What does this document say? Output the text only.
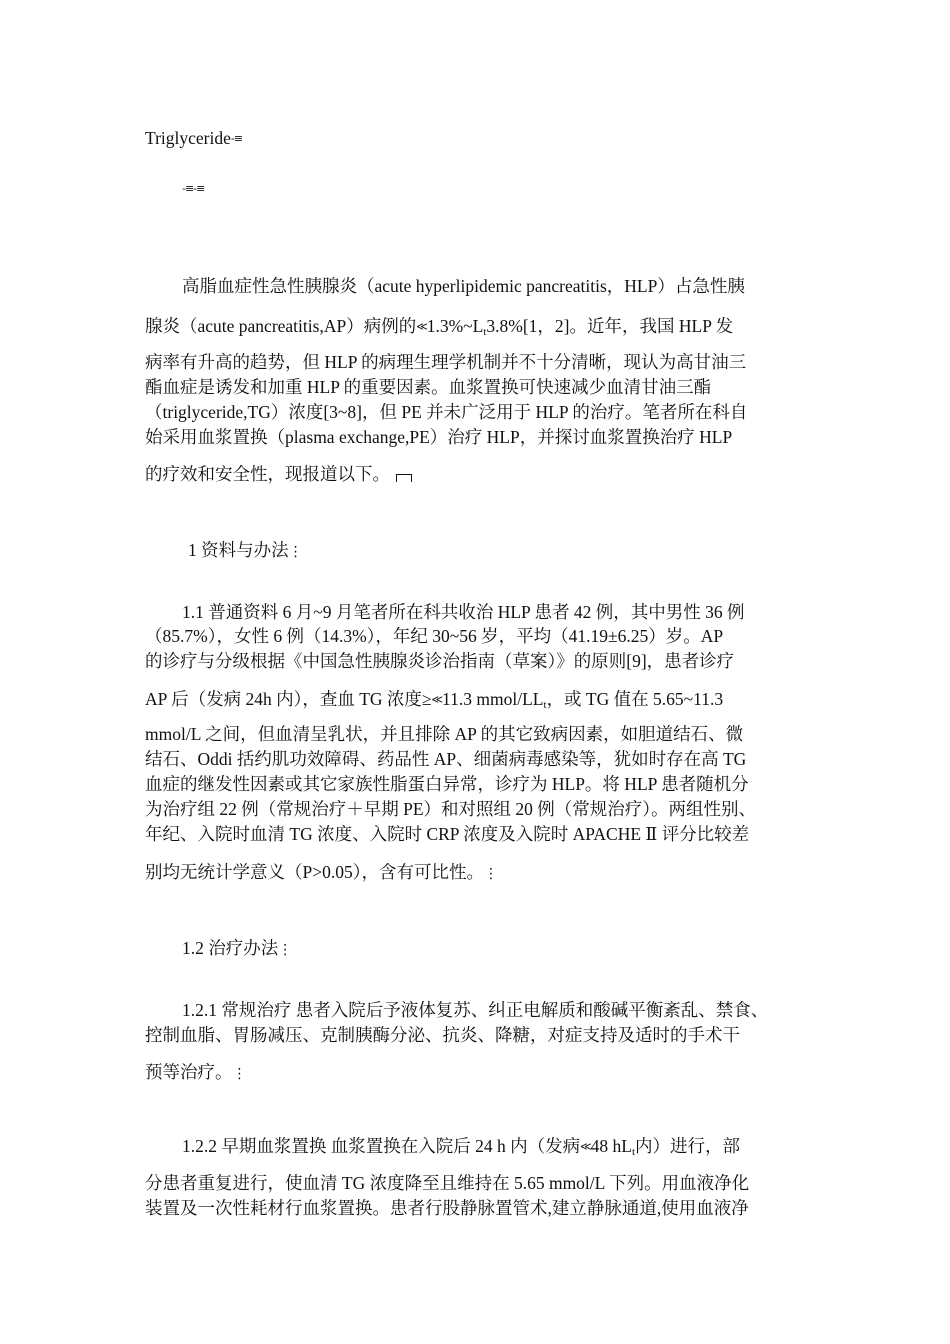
Triglyceride-≡
-≡-≡
高脂血症性急性胰腺炎（acute hyperlipidemic pancreatitis，HLP）占急性胰
腺炎（acute pancreatitis,AP）病例的$≪1.3\%\sim L_t3.8\%[1$，2]。近年，我国 HLP 发
病率有升高的趋势，但 HLP 的病理生理学机制并不十分清晰，现认为高甘油三
酯血症是诱发和加重 HLP 的重要因素。血浆置换可快速减少血清甘油三酯
（triglyceride,TG）浓度[3~8]，但 PE 并未广泛用于 HLP 的治疗。笔者所在科自
始采用血浆置换（plasma exchange,PE）治疗 HLP，并探讨血浆置换治疗 HLP
的疗效和安全性，现报道以下。
1 资料与办法⋮
1.1 普通资料 6 月~9 月笔者所在科共收治 HLP 患者 42 例，其中男性 36 例
（85.7%），女性 6 例（14.3%），年纪 30~56 岁，平均（41.19±6.25）岁。AP
的诊疗与分级根据《中国急性胰腺炎诊治指南（草案）》的原则[9]，患者诊疗
AP 后（发病 24h 内），查血 TG 浓度≥≪11.3 mmol/$LL_t$，或 TG 值在 5.65~11.3
mmol/L 之间，但血清呈乳状，并且排除 AP 的其它致病因素，如胆道结石、微
结石、Oddi 括约肌功效障碍、药品性 AP、细菌病毒感染等，犹如时存在高 TG
血症的继发性因素或其它家族性脂蛋白异常，诊疗为 HLP。将 HLP 患者随机分
为治疗组 22 例（常规治疗＋早期 PE）和对照组 20 例（常规治疗）。两组性别、
年纪、入院时血清 TG 浓度、入院时 CRP 浓度及入院时 APACHE Ⅱ 评分比较差
别均无统计学意义（P>0.05），含有可比性。⋮
1.2 治疗办法⋮
1.2.1 常规治疗 患者入院后予液体复苏、纠正电解质和酸碱平衡紊乱、禁食、
控制血脂、胃肠减压、克制胰酶分泌、抗炎、降糖，对症支持及适时的手术干
预等治疗。⋮
1.2.2 早期血浆置换 血浆置换在入院后 24 h 内（发病≪48 $hL_t$内）进行，部
分患者重复进行，使血清 TG 浓度降至且维持在 5.65 mmol/L 下列。用血液净化
装置及一次性耗材行血浆置换。患者行股静脉置管术,建立静脉通道,使用血液净
